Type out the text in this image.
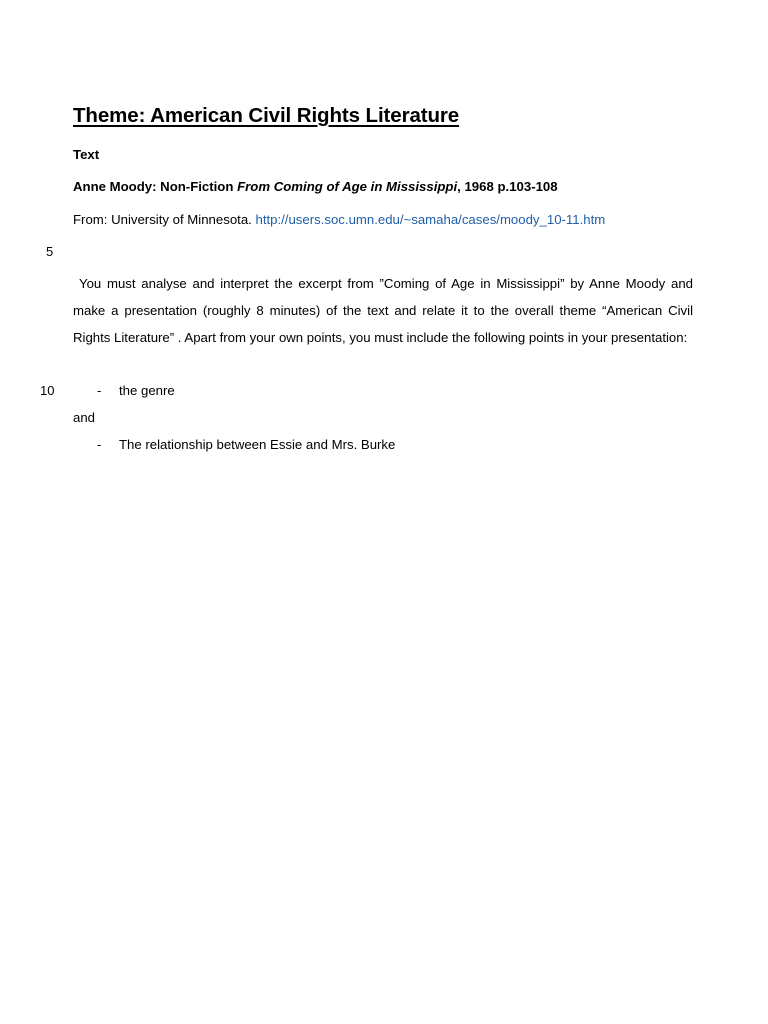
Theme: American Civil Rights Literature
Text
Anne Moody: Non-Fiction From Coming of Age in Mississippi, 1968 p.103-108
From: University of Minnesota. http://users.soc.umn.edu/~samaha/cases/moody_10-11.htm
5
You must analyse and interpret the excerpt from ”Coming of Age in Mississippi” by Anne Moody and make a presentation (roughly 8 minutes) of the text and relate it to the overall theme “American Civil Rights Literature” . Apart from your own points, you must include the following points in your presentation:
10	- the genre
and
- The relationship between Essie and Mrs. Burke
